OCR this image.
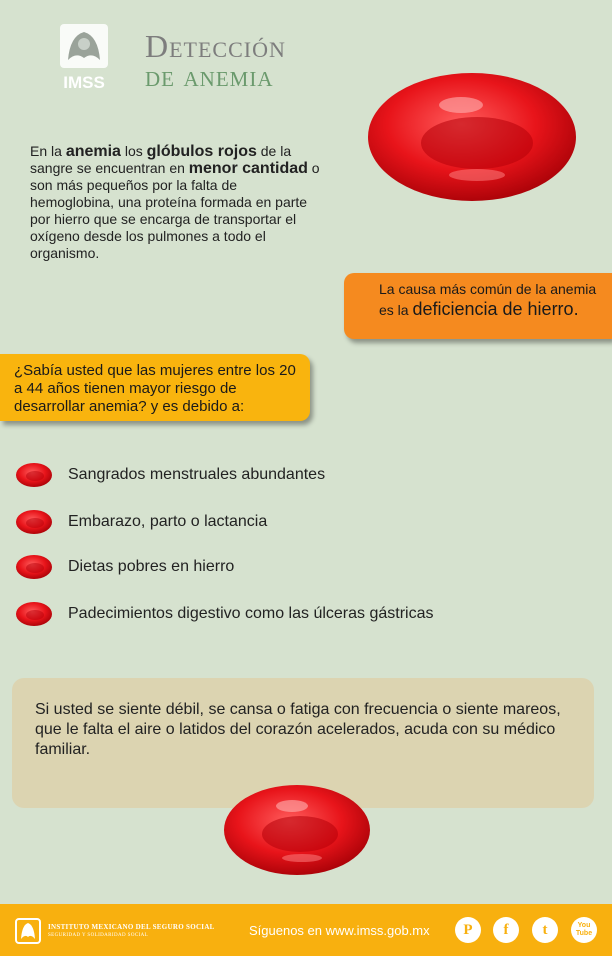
IMSS
Detección
de anemia
En la anemia los glóbulos rojos de la sangre se encuentran en menor cantidad o son más pequeños por la falta de hemoglobina, una proteína formada en parte por hierro que se encarga de transportar el oxígeno desde los pulmones a todo el organismo.
La causa más común de la anemia es la deficiencia de hierro.
¿Sabía usted que las mujeres entre los 20 a 44 años tienen mayor riesgo de desarrollar anemia? y es debido a:
Sangrados menstruales abundantes
Embarazo, parto o lactancia
Dietas pobres en hierro
Padecimientos digestivo como las úlceras gástricas
Si usted se siente débil, se cansa o fatiga con frecuencia o siente mareos, que le falta el aire o latidos del corazón acelerados, acuda con su médico familiar.
INSTITUTO MEXICANO DEL SEGURO SOCIAL
SEGURIDAD Y SOLIDARIDAD SOCIAL	Síguenos en www.imss.gob.mx	P	f	t	You Tube
